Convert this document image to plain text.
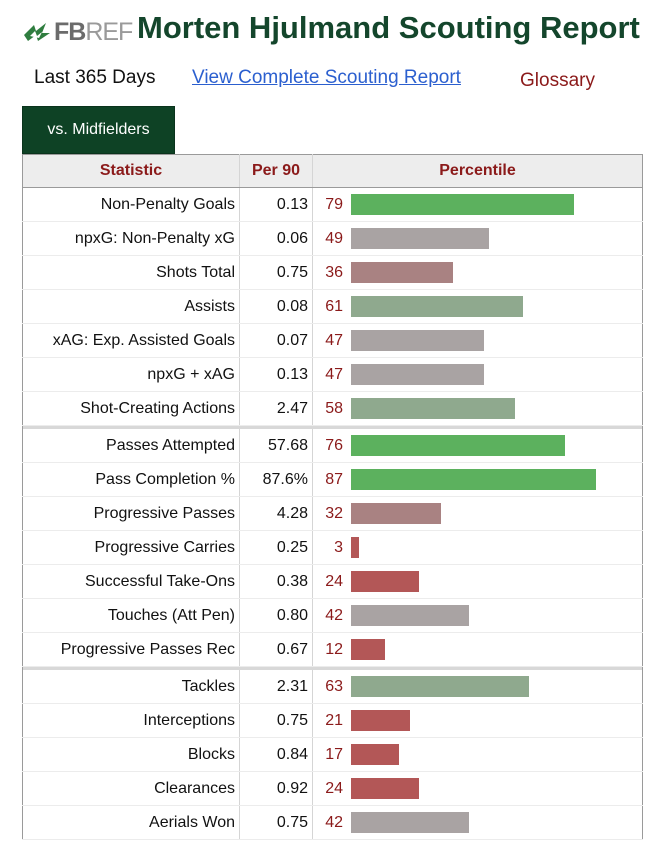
FB REF Morten Hjulmand Scouting Report
Last 365 Days View Complete Scouting Report	Glossary
vs. Midfielders
Statistic	Per 90	Percentile
Non-Penalty Goals	0.13	79

npxG: Non-Penalty xG	0.06	49

Shots Total	0.75	36

Assists	0.08	61

xAG: Exp. Assisted Goals	0.07	47

npxG + xAG	0.13	47

Shot-Creating Actions	2.47	58

Passes Attempted	57.68	76

Pass Completion %	87.6%	87

Progressive Passes	4.28	32

Progressive Carries	0.25	3

Successful Take-Ons	0.38	24

Touches (Att Pen)	0.80	42

Progressive Passes Rec	0.67	12

Tackles	2.31	63

Interceptions	0.75	21

Blocks	0.84	17

Clearances	0.92	24

Aerials Won	0.75	42
